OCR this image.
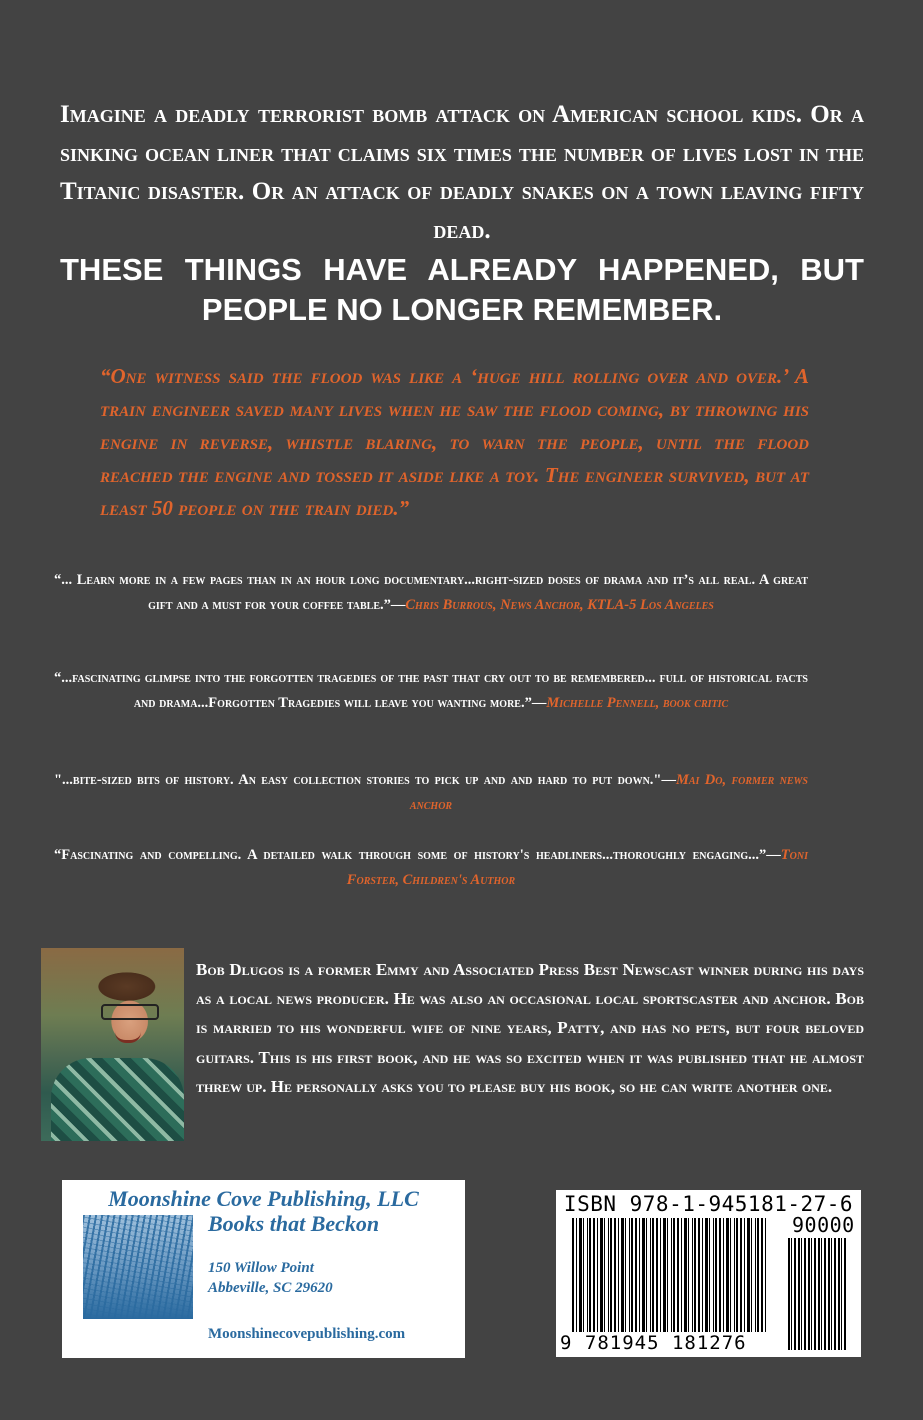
Imagine a deadly terrorist bomb attack on American school kids. Or a sinking ocean liner that claims six times the number of lives lost in the Titanic disaster. Or an attack of deadly snakes on a town leaving fifty dead.
THESE THINGS HAVE ALREADY HAPPENED, BUT PEOPLE NO LONGER REMEMBER.
“One witness said the flood was like a ‘huge hill rolling over and over.’ A train engineer saved many lives when he saw the flood coming, by throwing his engine in reverse, whistle blaring, to warn the people, until the flood reached the engine and tossed it aside like a toy. The engineer survived, but at least 50 people on the train died.”
“... Learn more in a few pages than in an hour long documentary...right-sized doses of drama and it’s all real. A great gift and a must for your coffee table.”—Chris Burrous, News Anchor, KTLA-5 Los Angeles
“...fascinating glimpse into the forgotten tragedies of the past that cry out to be remembered... full of historical facts and drama...Forgotten Tragedies will leave you wanting more.”—Michelle Pennell, book critic
"...bite-sized bits of history. An easy collection stories to pick up and and hard to put down."—Mai Do, former news anchor
“Fascinating and compelling. A detailed walk through some of history's headliners...thoroughly engaging...”—Toni Forster, Children's Author
Bob Dlugos is a former Emmy and Associated Press Best Newscast winner during his days as a local news producer. He was also an occasional local sportscaster and anchor. Bob is married to his wonderful wife of nine years, Patty, and has no pets, but four beloved guitars. This is his first book, and he was so excited when it was published that he almost threw up. He personally asks you to please buy his book, so he can write another one.
Moonshine Cove Publishing, LLC
Books that Beckon
150 Willow Point
Abbeville, SC 29620
Moonshinecovepublishing.com
ISBN 978-1-945181-27-6
90000
9 781945 181276
